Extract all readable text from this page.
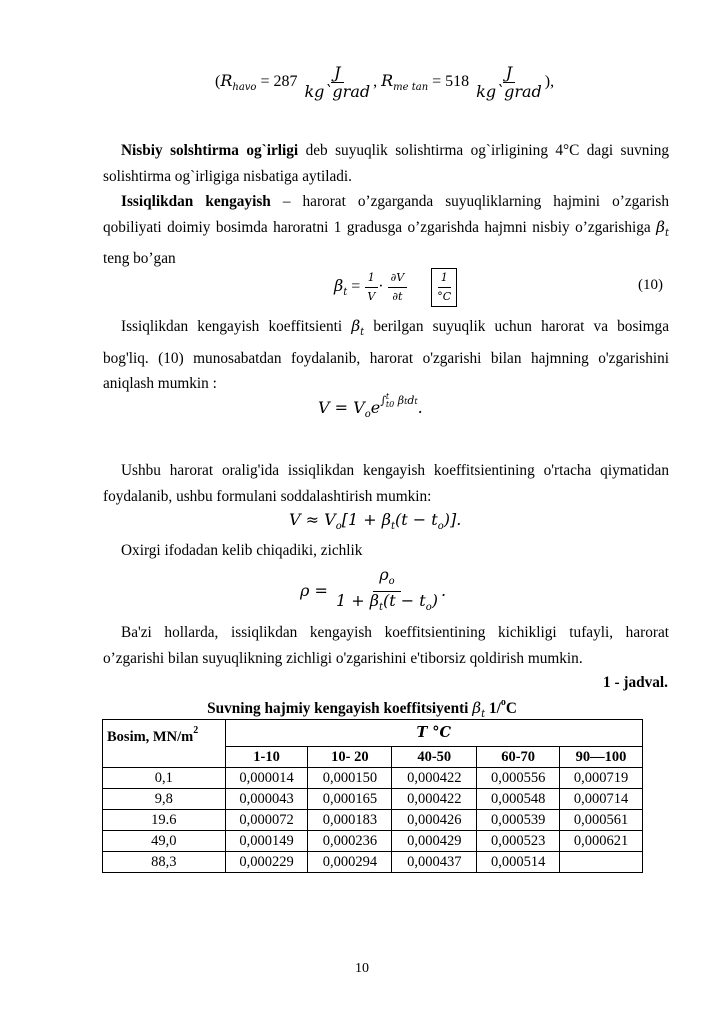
($R_{havo} = 287 \frac{J}{\text{kg`grad}}$ , $R_{me tan} = 518 \frac{J}{\text{kg`grad}}$ ),

Nisbiy solshtirma og`irligi deb suyuqlik solishtirma og`irligining 4°C dagi suvning solishtirma og`irligiga nisbatiga aytiladi.

Issiqlikdan kengayish – harorat o’zgarganda suyuqliklarning hajmini o’zgarish qobiliyati doimiy bosimda haroratni 1 gradusga o’zgarishda hajmni nisbiy o’zgarishiga $\beta_t$ teng bo’gan

$\beta_t = \frac{1}{V} \cdot \frac{\partial V}{\partial t}$
$\frac{1}{^\circ C}$	(10)

Issiqlikdan kengayish koeffitsienti $\beta_t$ berilgan suyuqlik uchun harorat va bosimga bog'liq. (10) munosabatdan foydalanib, harorat o'zgarishi bilan hajmning o'zgarishini aniqlash mumkin :

$V = V_oe^{\int t t0 \beta tdt}$.

Ushbu harorat oralig'ida issiqlikdan kengayish koeffitsientining o'rtacha qiymatidan foydalanib, ushbu formulani soddalashtirish mumkin:

$V \approx V_o[1 + \beta_t(t - t_o)]$.

Oxirgi ifodadan kelib chiqadiki, zichlik

$\rho = \frac{\rho_o}{1 + \beta_t(t - t_o)}$ .

Ba'zi hollarda, issiqlikdan kengayish koeffitsientining kichikligi tufayli, harorat o’zgarishi bilan suyuqlikning zichligi o'zgarishini e'tiborsiz qoldirish mumkin.

1 - jadval.
Suvning hajmiy kengayish koeffitsiyenti $\beta_t$ 1/$^o$C
Bosim, $MN/m^2$	T °C				
	1-10	10- 20	40-50	60-70	90—100
0,1	0,000014	0,000150	0,000422	0,000556	0,000719
9,8	0,000043	0,000165	0,000422	0,000548	0,000714
19.6	0,000072	0,000183	0,000426	0,000539	0,000561
49,0	0,000149	0,000236	0,000429	0,000523	0,000621
88,3	0,000229	0,000294	0,000437	0,000514	
10
